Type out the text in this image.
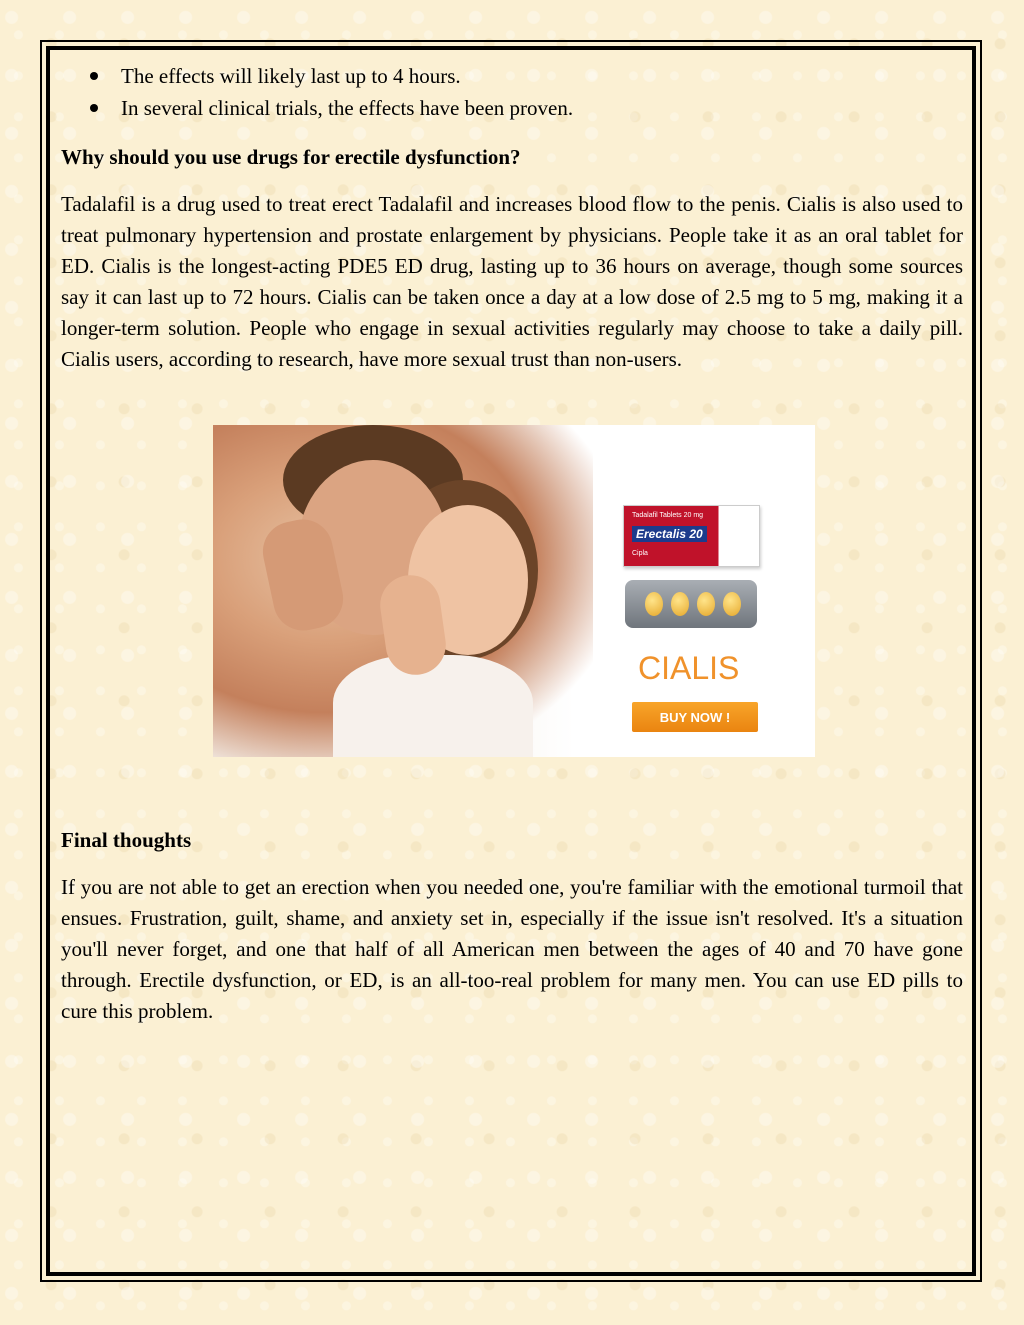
The effects will likely last up to 4 hours.
In several clinical trials, the effects have been proven.
Why should you use drugs for erectile dysfunction?

Tadalafil is a drug used to treat erect Tadalafil and increases blood flow to the penis. Cialis is also used to treat pulmonary hypertension and prostate enlargement by physicians. People take it as an oral tablet for ED. Cialis is the longest-acting PDE5 ED drug, lasting up to 36 hours on average, though some sources say it can last up to 72 hours. Cialis can be taken once a day at a low dose of 2.5 mg to 5 mg, making it a longer-term solution. People who engage in sexual activities regularly may choose to take a daily pill. Cialis users, according to research, have more sexual trust than non-users.

Final thoughts

If you are not able to get an erection when you needed one, you're familiar with the emotional turmoil that ensues. Frustration, guilt, shame, and anxiety set in, especially if the issue isn't resolved. It's a situation you'll never forget, and one that half of all American men between the ages of 40 and 70 have gone through. Erectile dysfunction, or ED, is an all-too-real problem for many men. You can use ED pills to cure this problem.

Tadalafil Tablets 20 mg
Erectalis 20
Cipla
CIALIS
BUY NOW !
